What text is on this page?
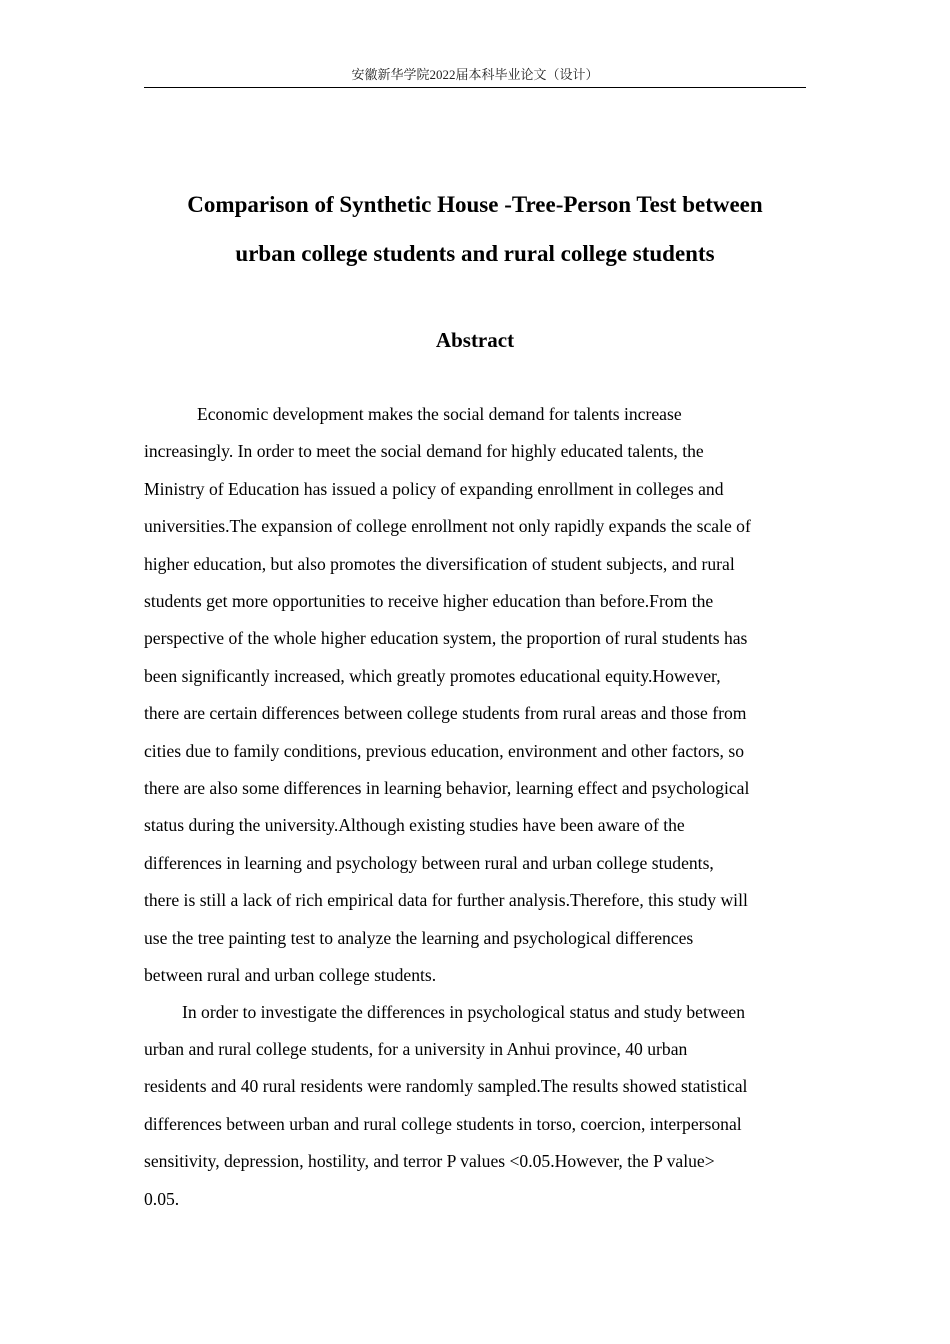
安徽新华学院2022届本科毕业论文（设计）
Comparison of Synthetic House -Tree-Person Test between
urban college students and rural college students
Abstract

Economic development makes the social demand for talents increase
increasingly. In order to meet the social demand for highly educated talents, the
Ministry of Education has issued a policy of expanding enrollment in colleges and
universities.The expansion of college enrollment not only rapidly expands the scale of
higher education, but also promotes the diversification of student subjects, and rural
students get more opportunities to receive higher education than before.From the
perspective of the whole higher education system, the proportion of rural students has
been significantly increased, which greatly promotes educational equity.However,
there are certain differences between college students from rural areas and those from
cities due to family conditions, previous education, environment and other factors, so
there are also some differences in learning behavior, learning effect and psychological
status during the university.Although existing studies have been aware of the
differences in learning and psychology between rural and urban college students,
there is still a lack of rich empirical data for further analysis.Therefore, this study will
use the tree painting test to analyze the learning and psychological differences
between rural and urban college students.

In order to investigate the differences in psychological status and study between
urban and rural college students, for a university in Anhui province, 40 urban
residents and 40 rural residents were randomly sampled.The results showed statistical
differences between urban and rural college students in torso, coercion, interpersonal
sensitivity, depression, hostility, and terror P values <0.05.However, the P value>
0.05.
